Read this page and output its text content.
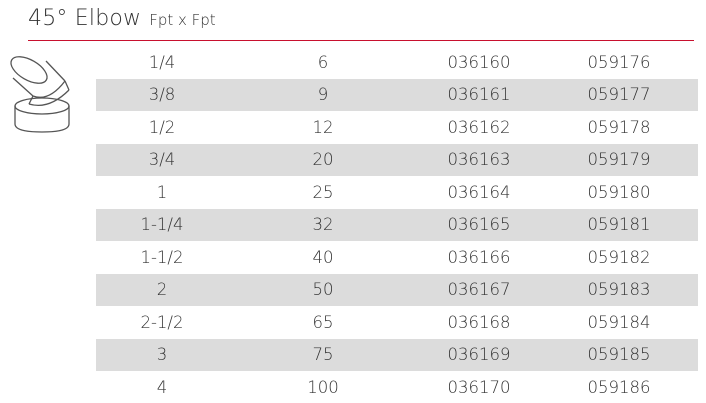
45° Elbow Fpt x Fpt
1/4	6	036160	059176
3/8	9	036161	059177
1/2	12	036162	059178
3/4	20	036163	059179
1	25	036164	059180
1-1/4	32	036165	059181
1-1/2	40	036166	059182
2	50	036167	059183
2-1/2	65	036168	059184
3	75	036169	059185
4	100	036170	059186
